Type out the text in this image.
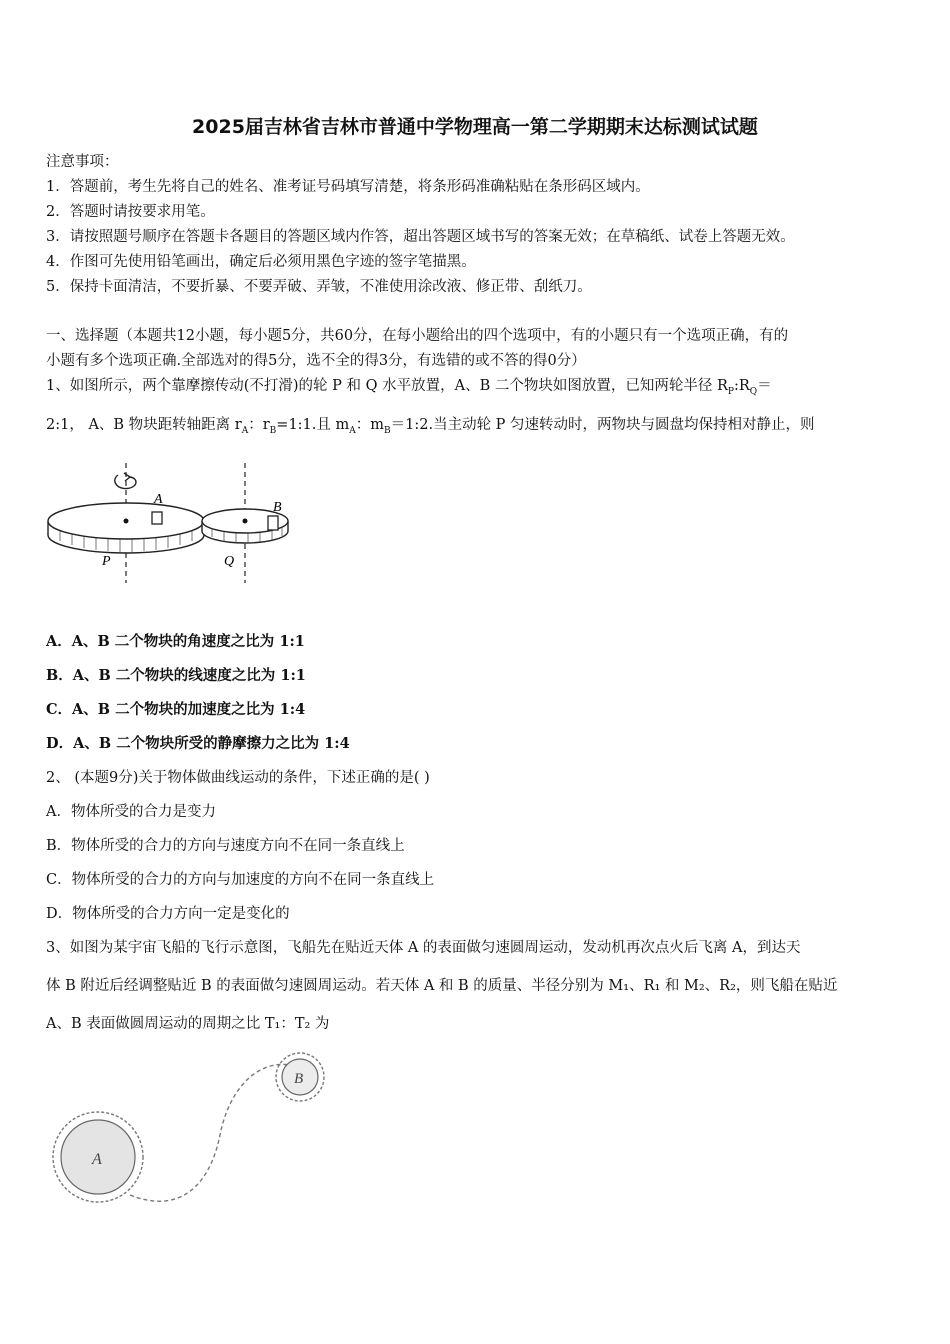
2025届吉林省吉林市普通中学物理高一第二学期期末达标测试试题
注意事项：
1．答题前，考生先将自己的姓名、准考证号码填写清楚，将条形码准确粘贴在条形码区域内。
2．答题时请按要求用笔。
3．请按照题号顺序在答题卡各题目的答题区域内作答，超出答题区域书写的答案无效；在草稿纸、试卷上答题无效。
4．作图可先使用铅笔画出，确定后必须用黑色字迹的签字笔描黑。
5．保持卡面清洁，不要折暴、不要弄破、弄皱，不准使用涂改液、修正带、刮纸刀。
一、选择题（本题共12小题，每小题5分，共60分，在每小题给出的四个选项中，有的小题只有一个选项正确，有的
小题有多个选项正确.全部选对的得5分，选不全的得3分，有选错的或不答的得0分）
1、如图所示，两个靠摩擦传动(不打滑)的轮 P 和 Q 水平放置，A、B 二个物块如图放置，已知两轮半径 $R_P:R_Q=$
2:1， A、B 物块距转轴距离 $r_A$：$r_B=1:1$.且 $m_A$：$m_B=1:2$.当主动轮 P 匀速转动时，两物块与圆盘均保持相对静止，则
A
P
B
Q
A．A、B 二个物块的角速度之比为 1:1
B．A、B 二个物块的线速度之比为 1:1
C．A、B 二个物块的加速度之比为 1:4
D．A、B 二个物块所受的静摩擦力之比为 1:4
2、 (本题9分)关于物体做曲线运动的条件，下述正确的是( )
A．物体所受的合力是变力
B．物体所受的合力的方向与速度方向不在同一条直线上
C．物体所受的合力的方向与加速度的方向不在同一条直线上
D．物体所受的合力方向一定是变化的
3、如图为某宇宙飞船的飞行示意图，飞船先在贴近天体 A 的表面做匀速圆周运动，发动机再次点火后飞离 A，到达天
体 B 附近后经调整贴近 B 的表面做匀速圆周运动。若天体 A 和 B 的质量、半径分别为 M₁、R₁ 和 M₂、R₂，则飞船在贴近
A、B 表面做圆周运动的周期之比 T₁：T₂ 为
A
B
